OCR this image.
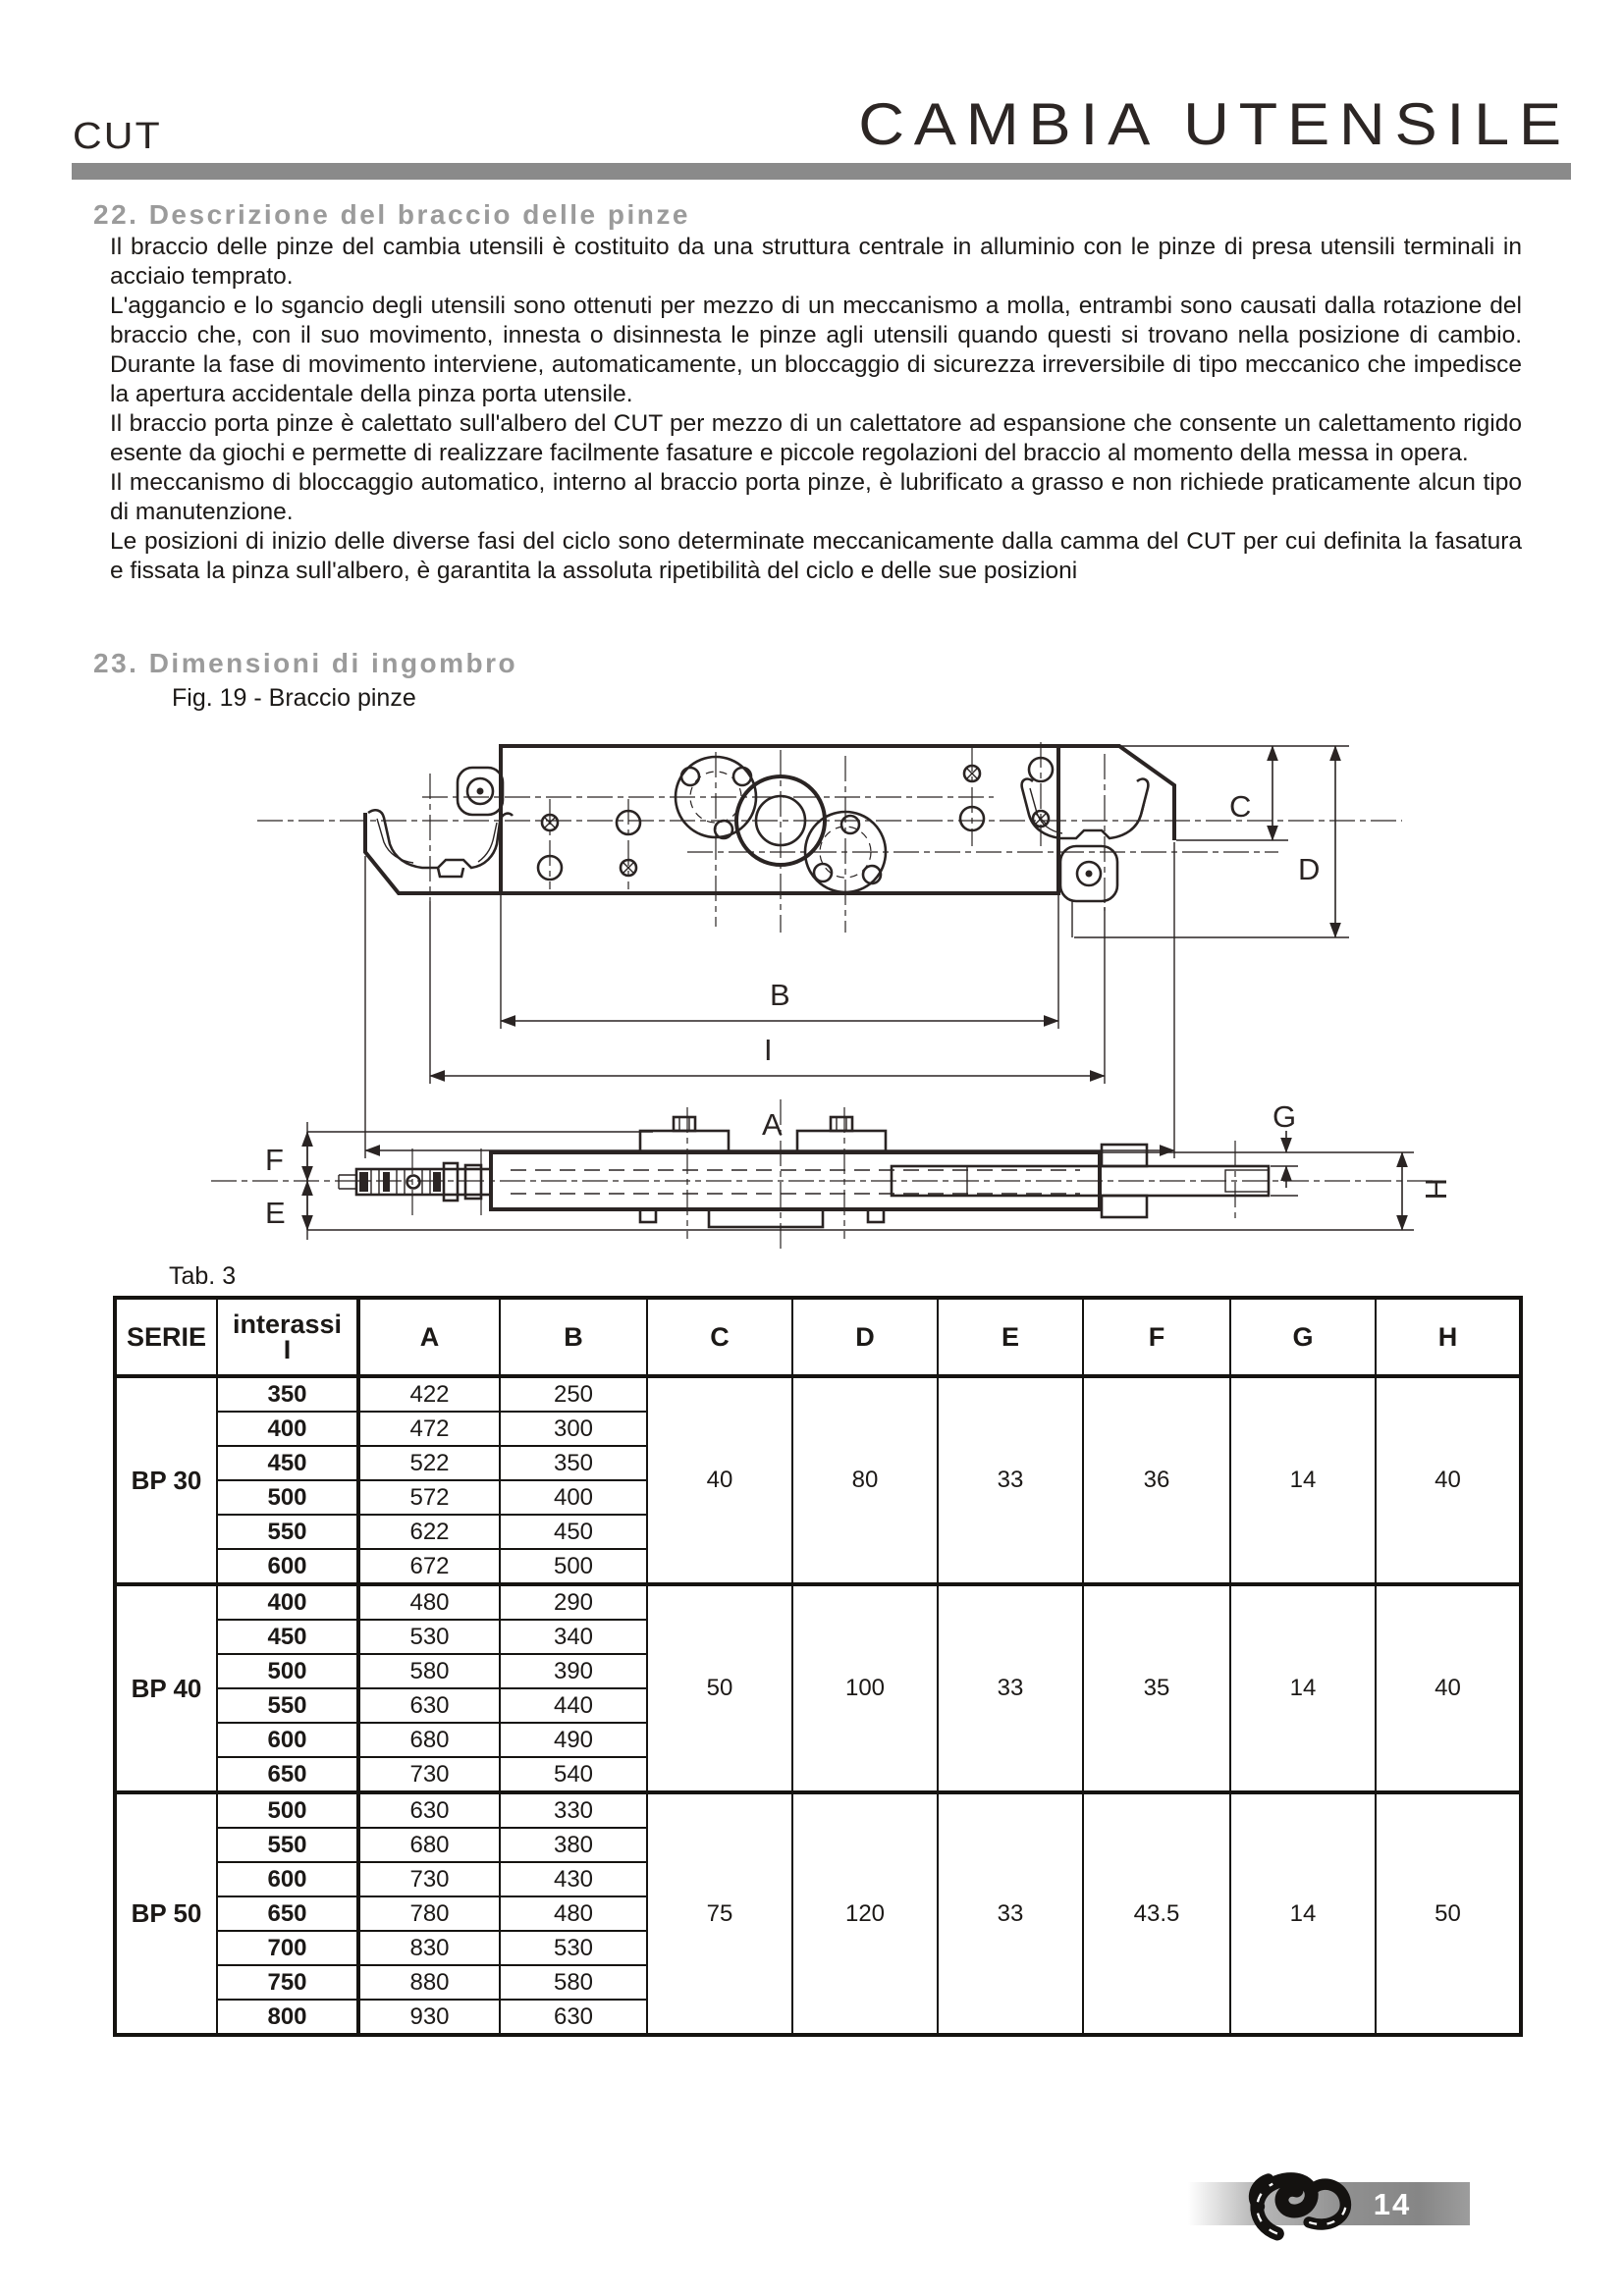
CUT	CAMBIA UTENSILE
22. Descrizione del braccio delle pinze

Il braccio delle pinze del cambia utensili è costituito da una struttura centrale in alluminio con le pinze di presa utensili terminali in acciaio temprato.

L'aggancio e lo sgancio degli utensili sono ottenuti per mezzo di un meccanismo a molla, entrambi sono causati dalla rotazione del braccio che, con il suo movimento, innesta o disinnesta le pinze agli utensili quando questi si trovano nella posizione di cambio. Durante la fase di movimento interviene, automaticamente, un bloccaggio di sicurezza irreversibile di tipo meccanico che impedisce la apertura accidentale della pinza porta utensile.

Il braccio porta pinze è calettato sull'albero del CUT per mezzo di un calettatore ad espansione che consente un calettamento rigido esente da giochi e permette di realizzare facilmente fasature e piccole regolazioni del braccio al momento della messa in opera.

Il meccanismo di bloccaggio automatico, interno al braccio porta pinze, è lubrificato a grasso e non richiede praticamente alcun tipo di manutenzione.

Le posizioni di inizio delle diverse fasi del ciclo sono determinate meccanicamente dalla camma del CUT per cui definita la fasatura e fissata la pinza sull'albero, è garantita la assoluta ripetibilità del ciclo e delle sue posizioni

23. Dimensioni di ingombro
Fig. 19 - Braccio pinze
B
I
A
C
D
F
E
G
H
Tab. 3
SERIE	interassi
I	A	B	C	D	E	F	G	H
BP 30	350	422	250	40	80	33	36	14	40
	400	472	300						
	450	522	350						
	500	572	400						
	550	622	450						
	600	672	500						
BP 40	400	480	290	50	100	33	35	14	40
	450	530	340						
	500	580	390						
	550	630	440						
	600	680	490						
	650	730	540						
BP 50	500	630	330	75	120	33	43.5	14	50
	550	680	380						
	600	730	430						
	650	780	480						
	700	830	530						
	750	880	580						
	800	930	630						
14
